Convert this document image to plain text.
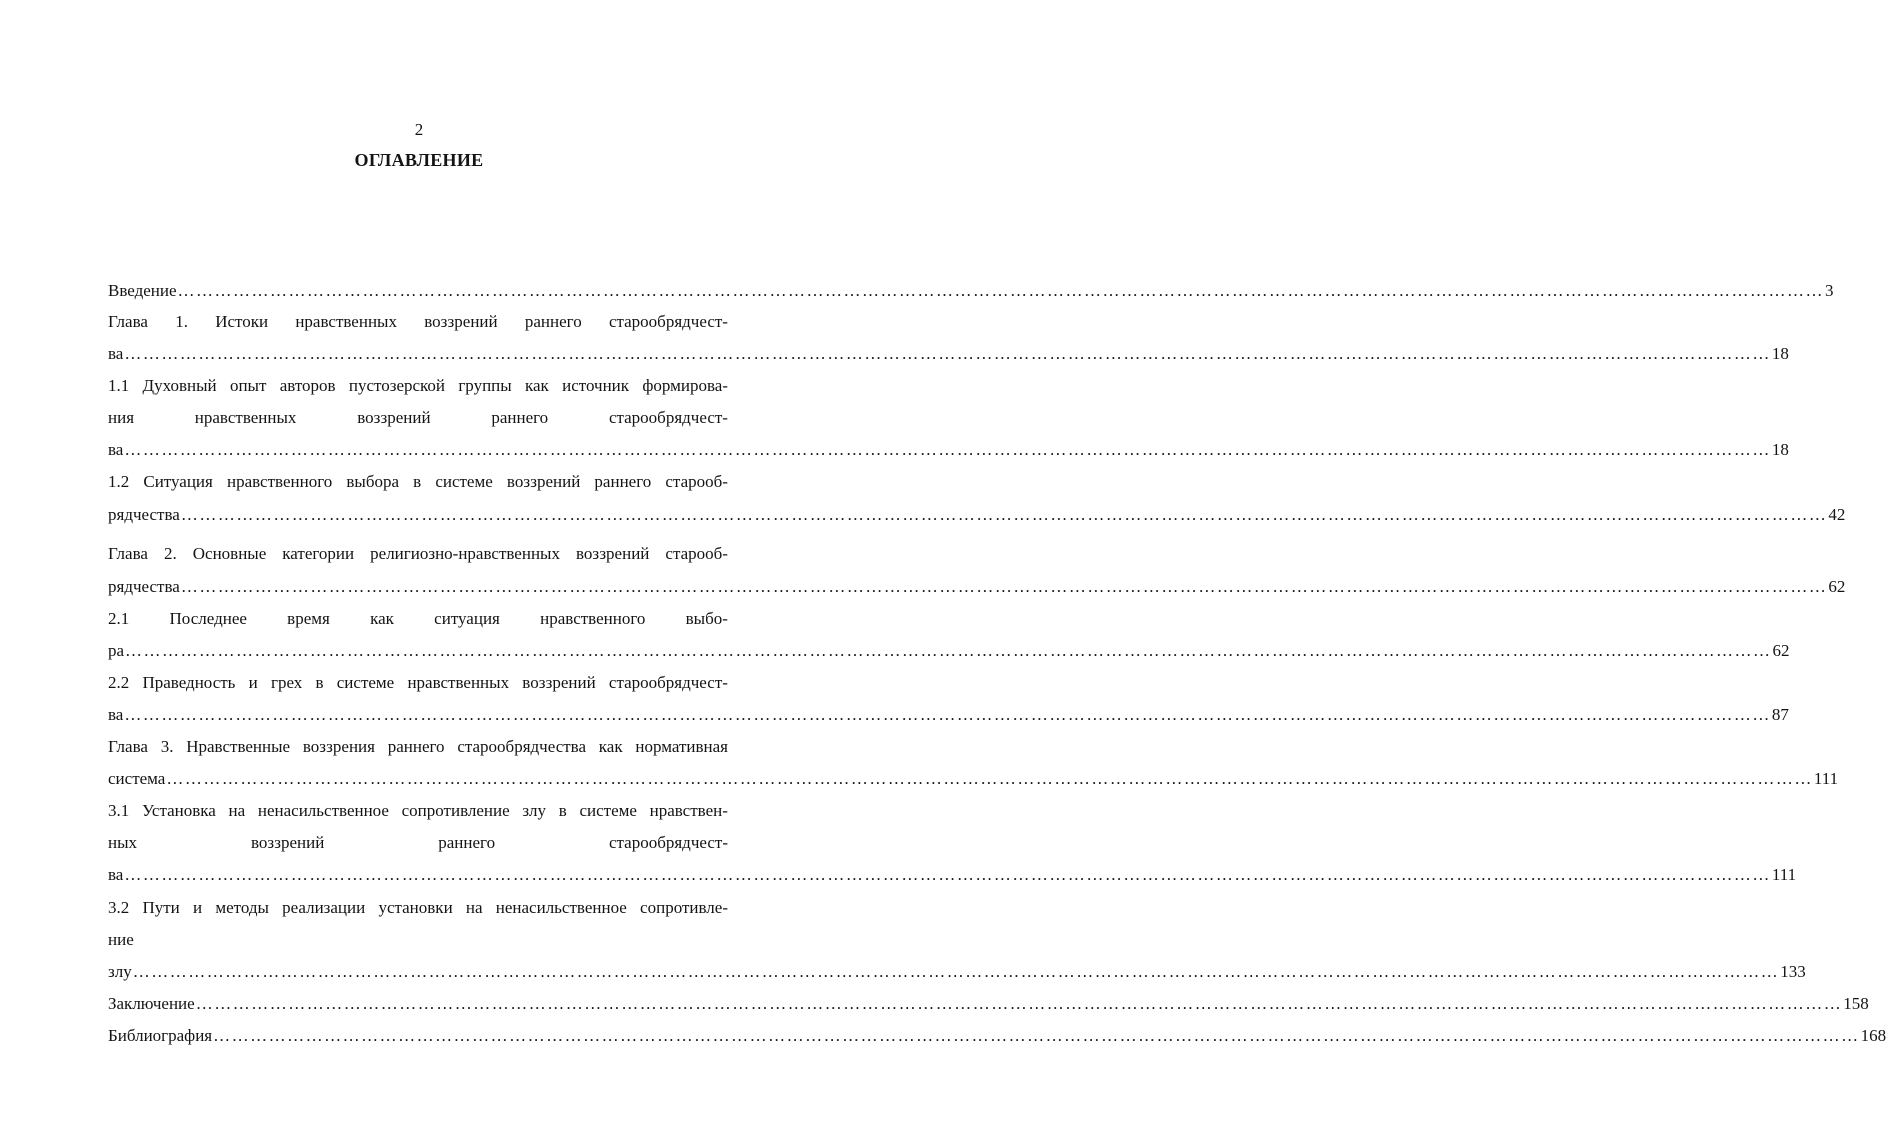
2
ОГЛАВЛЕНИЕ
Введение …………………………………………………………………………………………………………………………………………………………………………………………………………………………………………… 3
Глава 1. Истоки нравственных воззрений раннего старообрядчест-
ва …………………………………………………………………………………………………………………………………………………………………………………………………………………………………………… 18
1.1 Духовный опыт авторов пустозерской группы как источник формирова-
ния	нравственных	воззрений	раннего	старообрядчест-
ва …………………………………………………………………………………………………………………………………………………………………………………………………………………………………………… 18
1.2 Ситуация нравственного выбора в системе воззрений раннего старооб-
рядчества …………………………………………………………………………………………………………………………………………………………………………………………………………………………………………… 42
Глава 2. Основные категории религиозно-нравственных воззрений старооб-
рядчества …………………………………………………………………………………………………………………………………………………………………………………………………………………………………………… 62
2.1 Последнее время как ситуация нравственного выбо-
ра …………………………………………………………………………………………………………………………………………………………………………………………………………………………………………… 62
2.2 Праведность и грех в системе нравственных воззрений старообрядчест-
ва …………………………………………………………………………………………………………………………………………………………………………………………………………………………………………… 87
Глава 3. Нравственные воззрения раннего старообрядчества как нормативная
система …………………………………………………………………………………………………………………………………………………………………………………………………………………………………………… 111
3.1 Установка на ненасильственное сопротивление злу в системе нравствен-
ных	воззрений	раннего	старообрядчест-
ва …………………………………………………………………………………………………………………………………………………………………………………………………………………………………………… 111
3.2 Пути и методы реализации установки на ненасильственное сопротивле-
ние
злу …………………………………………………………………………………………………………………………………………………………………………………………………………………………………………… 133
Заключение …………………………………………………………………………………………………………………………………………………………………………………………………………………………………………… 158
Библиография …………………………………………………………………………………………………………………………………………………………………………………………………………………………………………… 168
